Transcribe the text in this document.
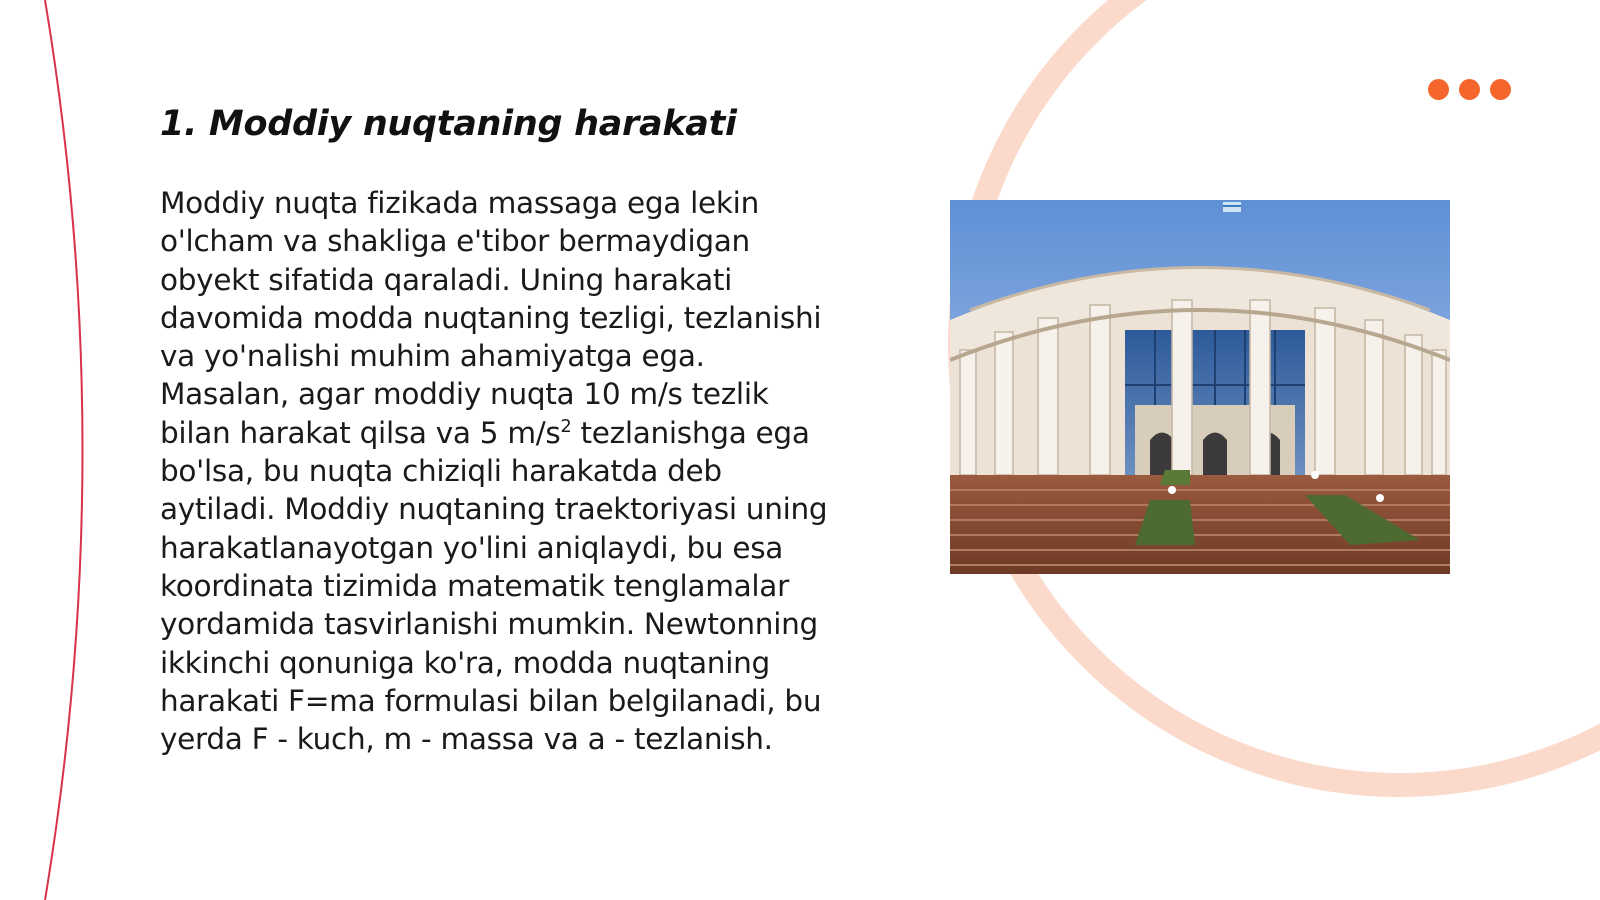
1. Moddiy nuqtaning harakati

Moddiy nuqta fizikada massaga ega lekin o'lcham va shakliga e'tibor bermaydigan obyekt sifatida qaraladi. Uning harakati davomida modda nuqtaning tezligi, tezlanishi va yo'nalishi muhim ahamiyatga ega. Masalan, agar moddiy nuqta 10 m/s tezlik bilan harakat qilsa va 5 $m/s^2$ tezlanishga ega bo'lsa, bu nuqta chiziqli harakatda deb aytiladi. Moddiy nuqtaning traektoriyasi uning harakatlanayotgan yo'lini aniqlaydi, bu esa koordinata tizimida matematik tenglamalar yordamida tasvirlanishi mumkin. Newtonning ikkinchi qonuniga ko'ra, modda nuqtaning harakati F=ma formulasi bilan belgilanadi, bu yerda F - kuch, m - massa va a - tezlanish.
